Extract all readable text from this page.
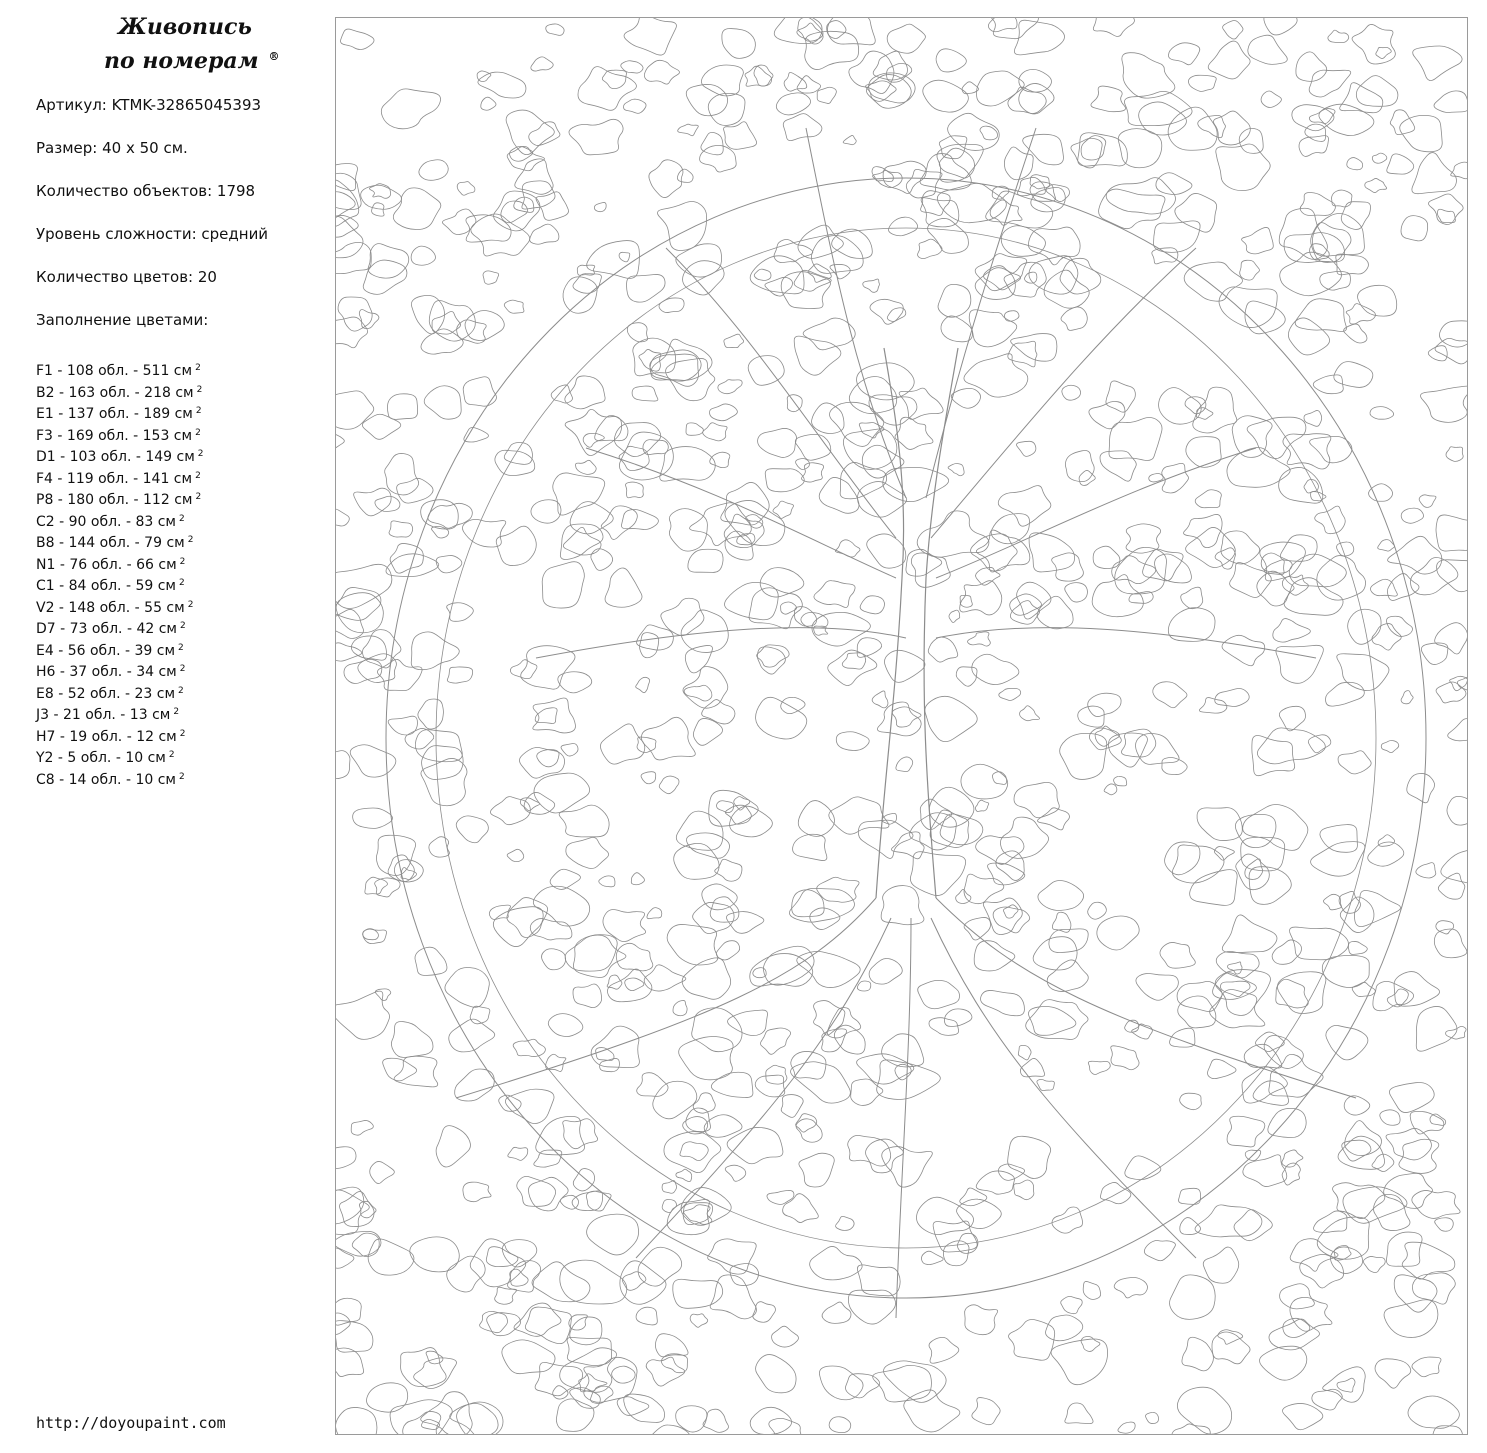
Живопись
по номерам ®
Артикул: KTMK-32865045393
Размер: 40 х 50 см.
Количество объектов: 1798
Уровень сложности: средний
Количество цветов: 20
Заполнение цветами:
F1 - 108 обл. - 511 см $^2$
B2 - 163 обл. - 218 см $^2$
E1 - 137 обл. - 189 см $^2$
F3 - 169 обл. - 153 см $^2$
D1 - 103 обл. - 149 см $^2$
F4 - 119 обл. - 141 см $^2$
P8 - 180 обл. - 112 см $^2$
C2 - 90 обл. - 83 см $^2$
B8 - 144 обл. - 79 см $^2$
N1 - 76 обл. - 66 см $^2$
C1 - 84 обл. - 59 см $^2$
V2 - 148 обл. - 55 см $^2$
D7 - 73 обл. - 42 см $^2$
E4 - 56 обл. - 39 см $^2$
H6 - 37 обл. - 34 см $^2$
E8 - 52 обл. - 23 см $^2$
J3 - 21 обл. - 13 см $^2$
H7 - 19 обл. - 12 см $^2$
Y2 - 5 обл. - 10 см $^2$
C8 - 14 обл. - 10 см $^2$
http://doyoupaint.com
